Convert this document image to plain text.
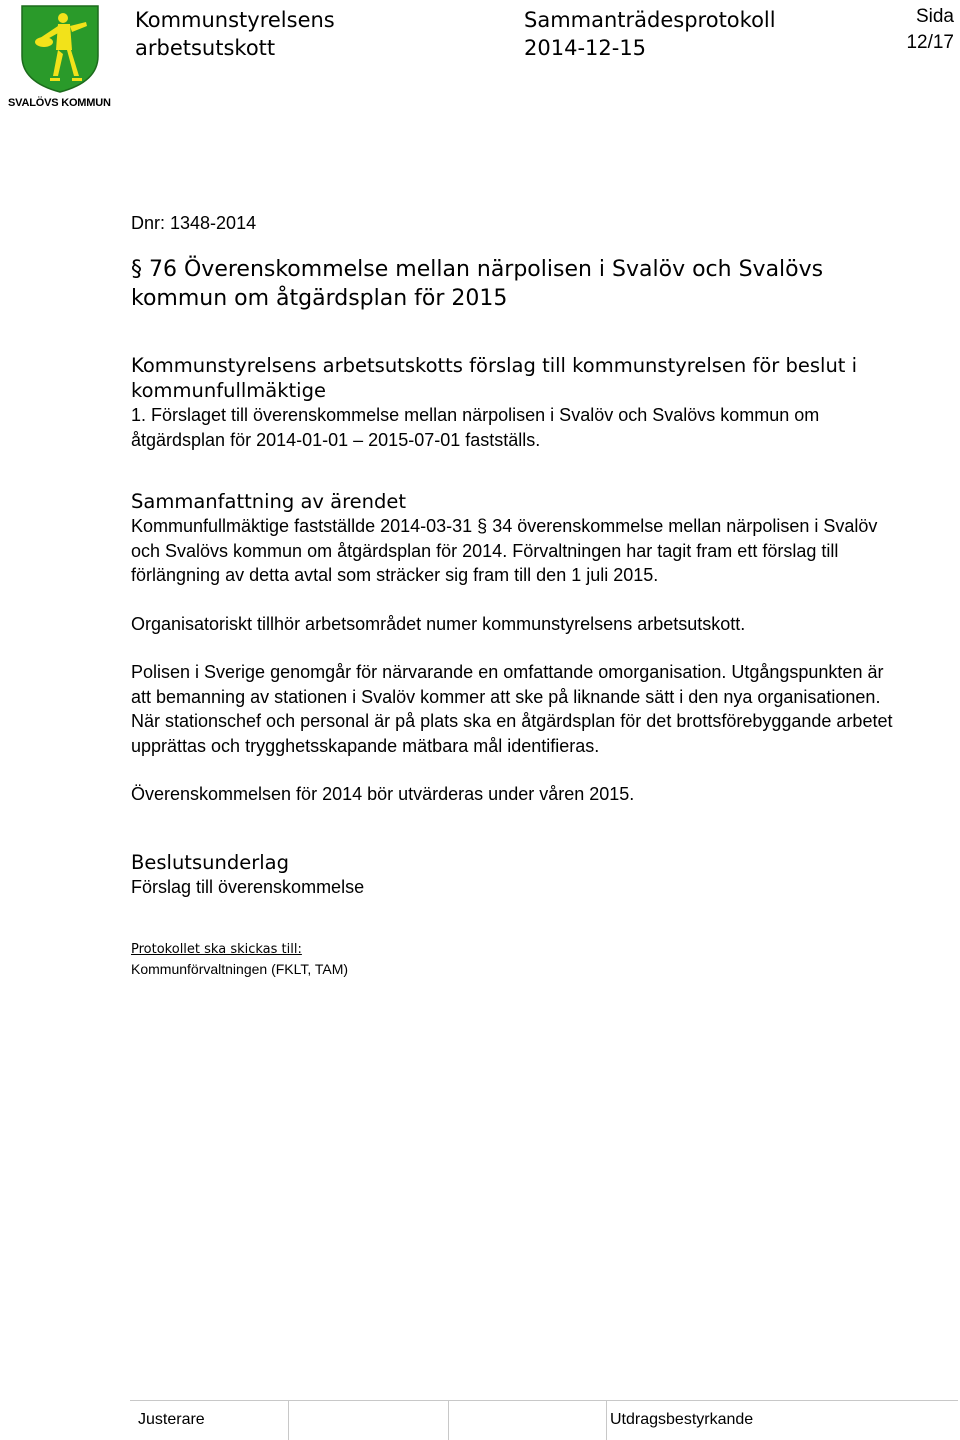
SVALÖVS KOMMUN
Kommunstyrelsens
arbetsutskott
Sammanträdesprotokoll
2014-12-15
Sida
12/17

Dnr: 1348-2014

§ 76 Överenskommelse mellan närpolisen i Svalöv och Svalövs
kommun om åtgärdsplan för 2015
Kommunstyrelsens arbetsutskotts förslag till kommunstyrelsen för beslut i
kommunfullmäktige
1. Förslaget till överenskommelse mellan närpolisen i Svalöv och Svalövs kommun om
åtgärdsplan för 2014-01-01 – 2015-07-01 fastställs.
Sammanfattning av ärendet
Kommunfullmäktige fastställde 2014-03-31 § 34 överenskommelse mellan närpolisen i Svalöv
och Svalövs kommun om åtgärdsplan för 2014. Förvaltningen har tagit fram ett förslag till
förlängning av detta avtal som sträcker sig fram till den 1 juli 2015.
Organisatoriskt tillhör arbetsområdet numer kommunstyrelsens arbetsutskott.
Polisen i Sverige genomgår för närvarande en omfattande omorganisation. Utgångspunkten är
att bemanning av stationen i Svalöv kommer att ske på liknande sätt i den nya organisationen.
När stationschef och personal är på plats ska en åtgärdsplan för det brottsförebyggande arbetet
upprättas och trygghetsskapande mätbara mål identifieras.
Överenskommelsen för 2014 bör utvärderas under våren 2015.
Beslutsunderlag
Förslag till överenskommelse
Protokollet ska skickas till:
Kommunförvaltningen (FKLT, TAM)
Justerare	Utdragsbestyrkande
